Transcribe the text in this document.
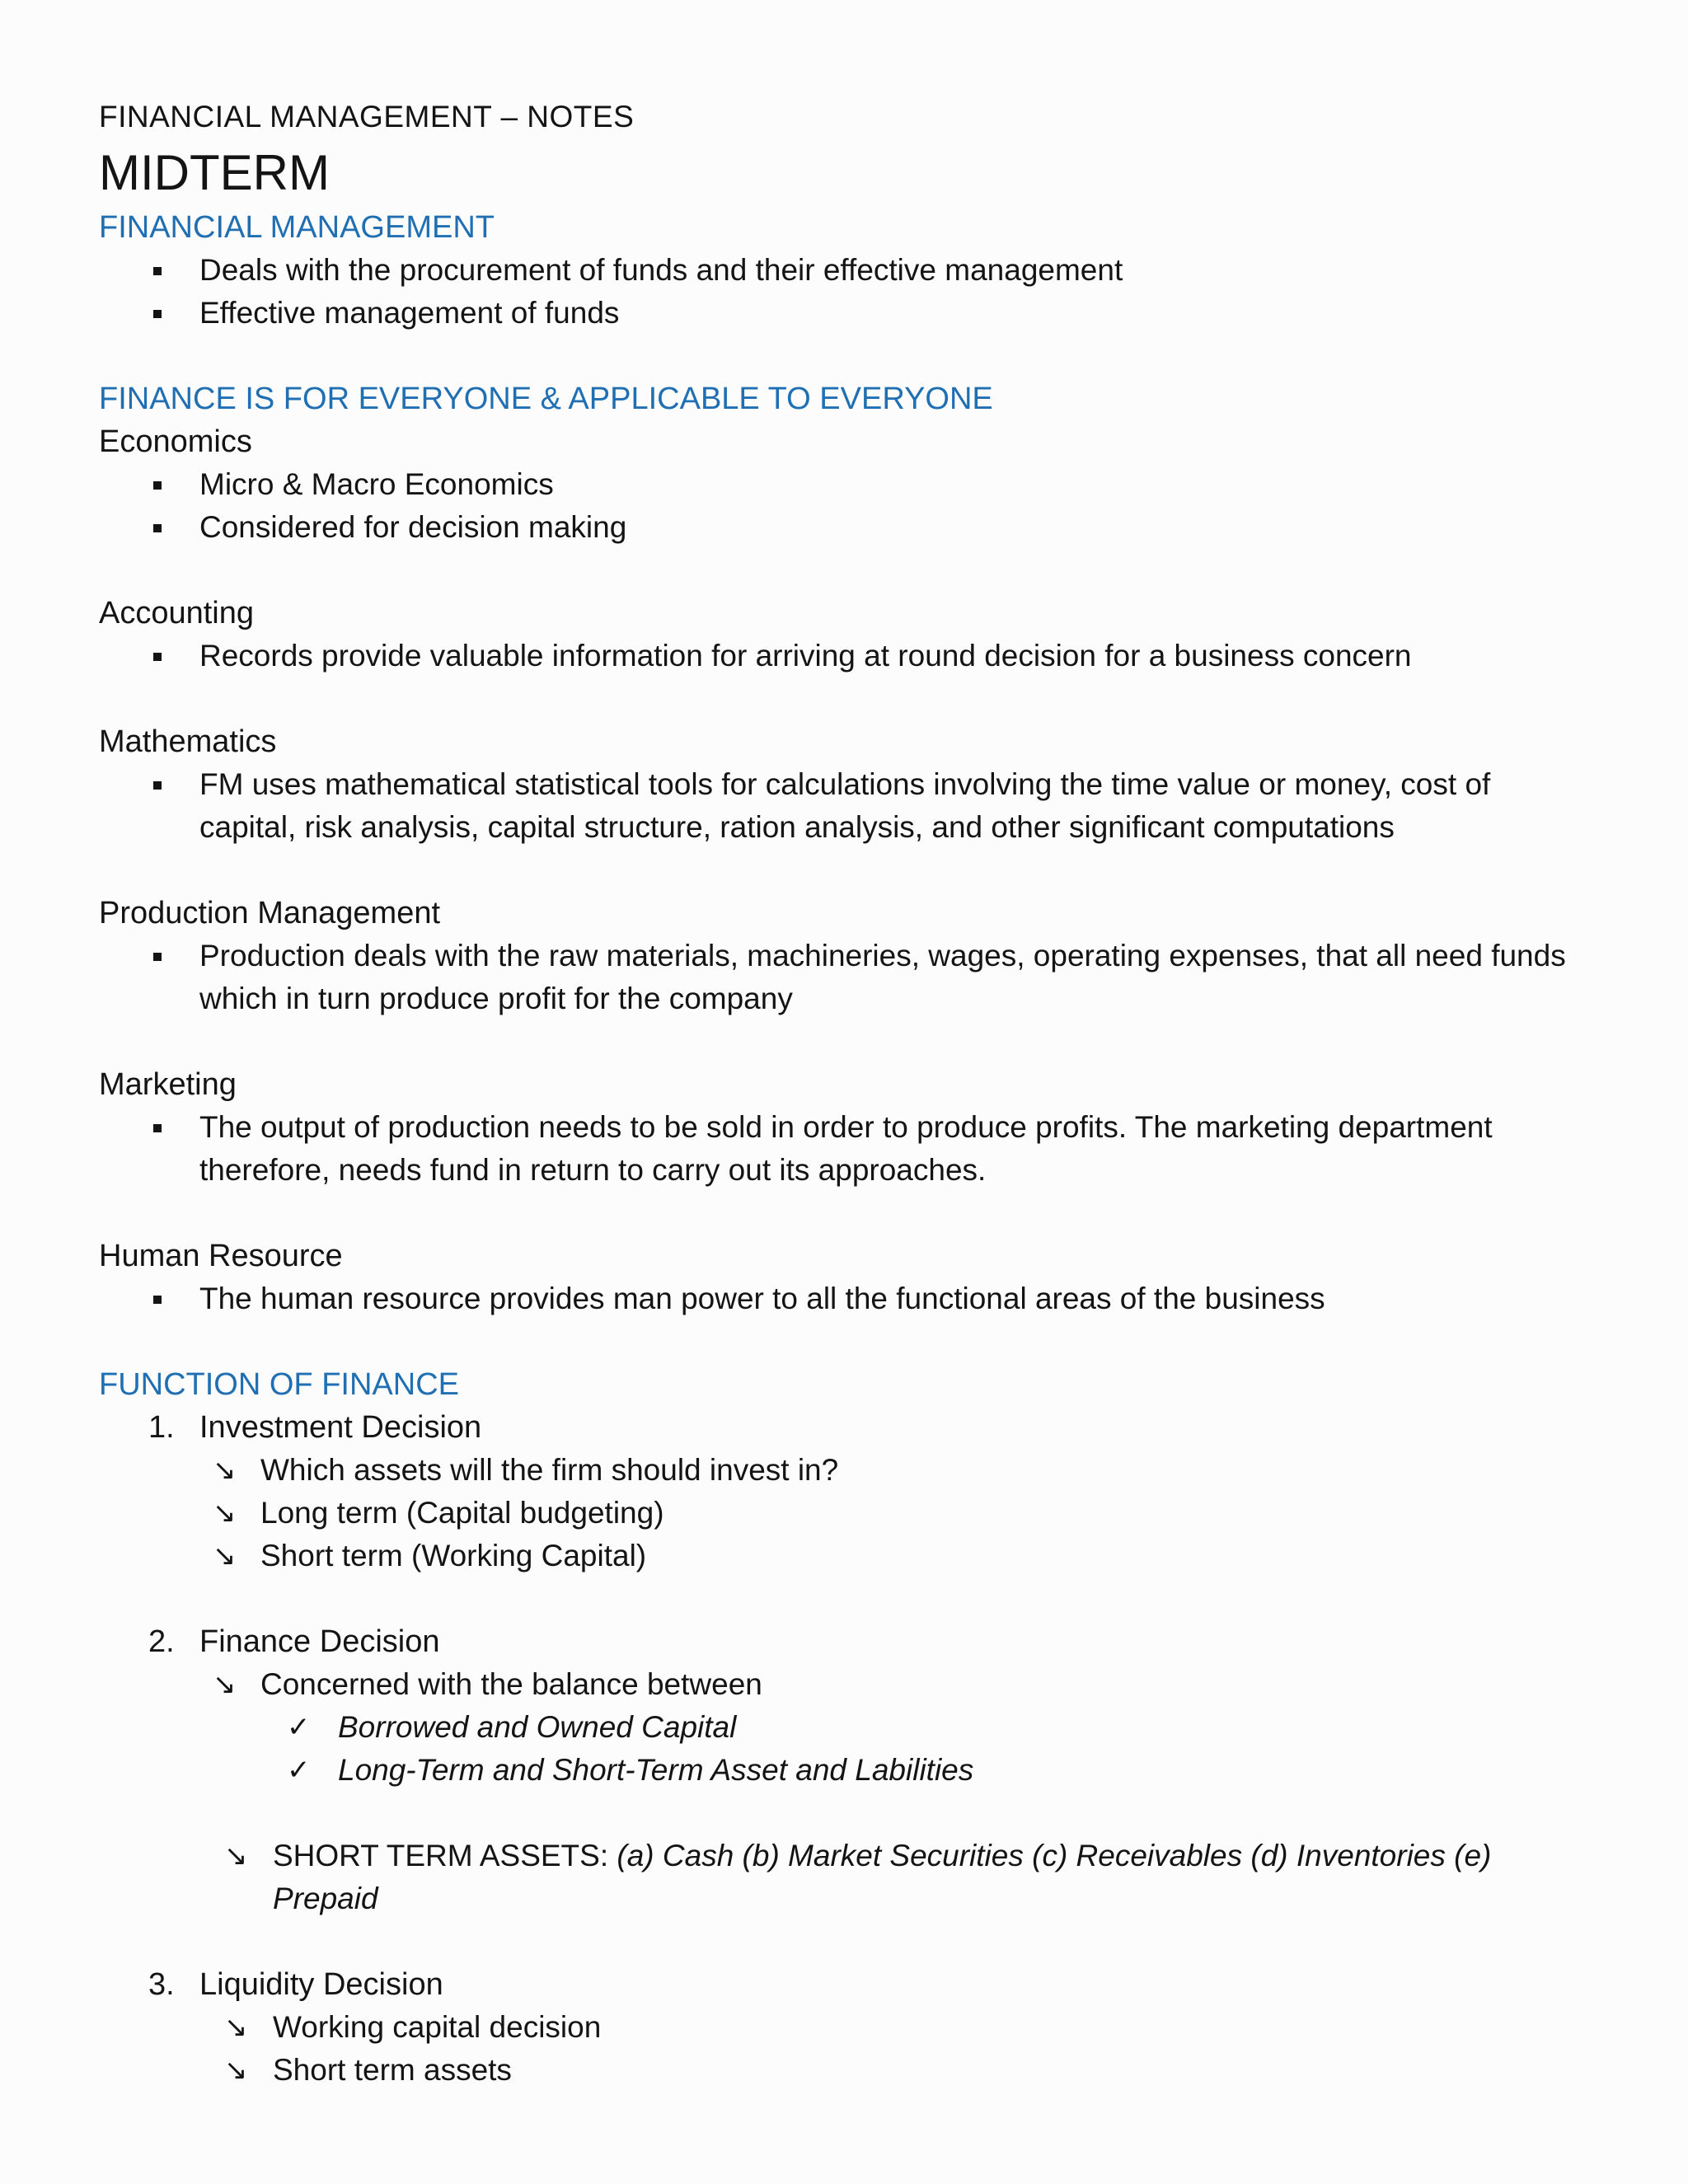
FINANCIAL MANAGEMENT – NOTES
MIDTERM
FINANCIAL MANAGEMENT
Deals with the procurement of funds and their effective management
Effective management of funds
FINANCE IS FOR EVERYONE & APPLICABLE TO EVERYONE
Economics
Micro & Macro Economics
Considered for decision making
Accounting
Records provide valuable information for arriving at round decision for a business concern
Mathematics
FM uses mathematical statistical tools for calculations involving the time value or money, cost of capital, risk analysis, capital structure, ration analysis, and other significant computations
Production Management
Production deals with the raw materials, machineries, wages, operating expenses, that all need funds which in turn produce profit for the company
Marketing
The output of production needs to be sold in order to produce profits. The marketing department therefore, needs fund in return to carry out its approaches.
Human Resource
The human resource provides man power to all the functional areas of the business
FUNCTION OF FINANCE
1. Investment Decision
↘ Which assets will the firm should invest in?
↘ Long term (Capital budgeting)
↘ Short term (Working Capital)
2. Finance Decision
↘ Concerned with the balance between
✓ Borrowed and Owned Capital
✓ Long-Term and Short-Term Asset and Labilities
↘ SHORT TERM ASSETS: (a) Cash (b) Market Securities (c) Receivables (d) Inventories (e)
Prepaid
3. Liquidity Decision
↘ Working capital decision
↘ Short term assets
